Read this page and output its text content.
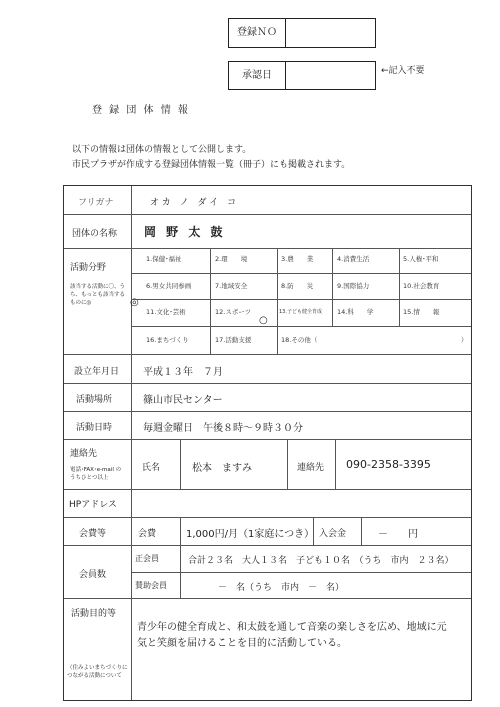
登録ＮＯ
承認日	←記入不要
登 録 団 体 情 報
以下の情報は団体の情報として公開します。
市民プラザが作成する登録団体情報一覧（冊子）にも掲載されます。
フリガナ	オカ ノ ダイ コ
団体の名称 岡 野 太 鼓
活動分野
該当する活動に〇、うち、もっとも該当するものに◎	◎
1.保健･福祉	2.環　　境	3.農　　業	4.消費生活	5.人権･平和
6.男女共同参画	7.地域安全	8.防　　災	9.国際協力	10.社会教育
11.文化･芸術	12.スポーツ	13.子ども健全育成 14.科　　学	15.情　　報
○
16.まちづくり	17.活動支援	18.その他（	）
設立年月日 平成１３年　７月
活動場所	篠山市民センター
活動日時	毎週金曜日　午後８時～９時３０分
連絡先
電話･FAX･e-mail のうちひとつ以上
氏名	松本　ますみ	連絡先 090-2358-3395
HPアドレス
会費等	会費	1,000円/月（1家庭につき） 入会金	－　　円
会員数
正会員	合計２３名　大人１３名　子ども１０名　（うち　市内　２３名）
賛助会員	－　名（うち　市内　－　名）
活動目的等
青少年の健全育成と、和太鼓を通して音楽の楽しさを広め、地域に元
気と笑顔を届けることを目的に活動している。
（住みよいまちづくりにつながる活動について
